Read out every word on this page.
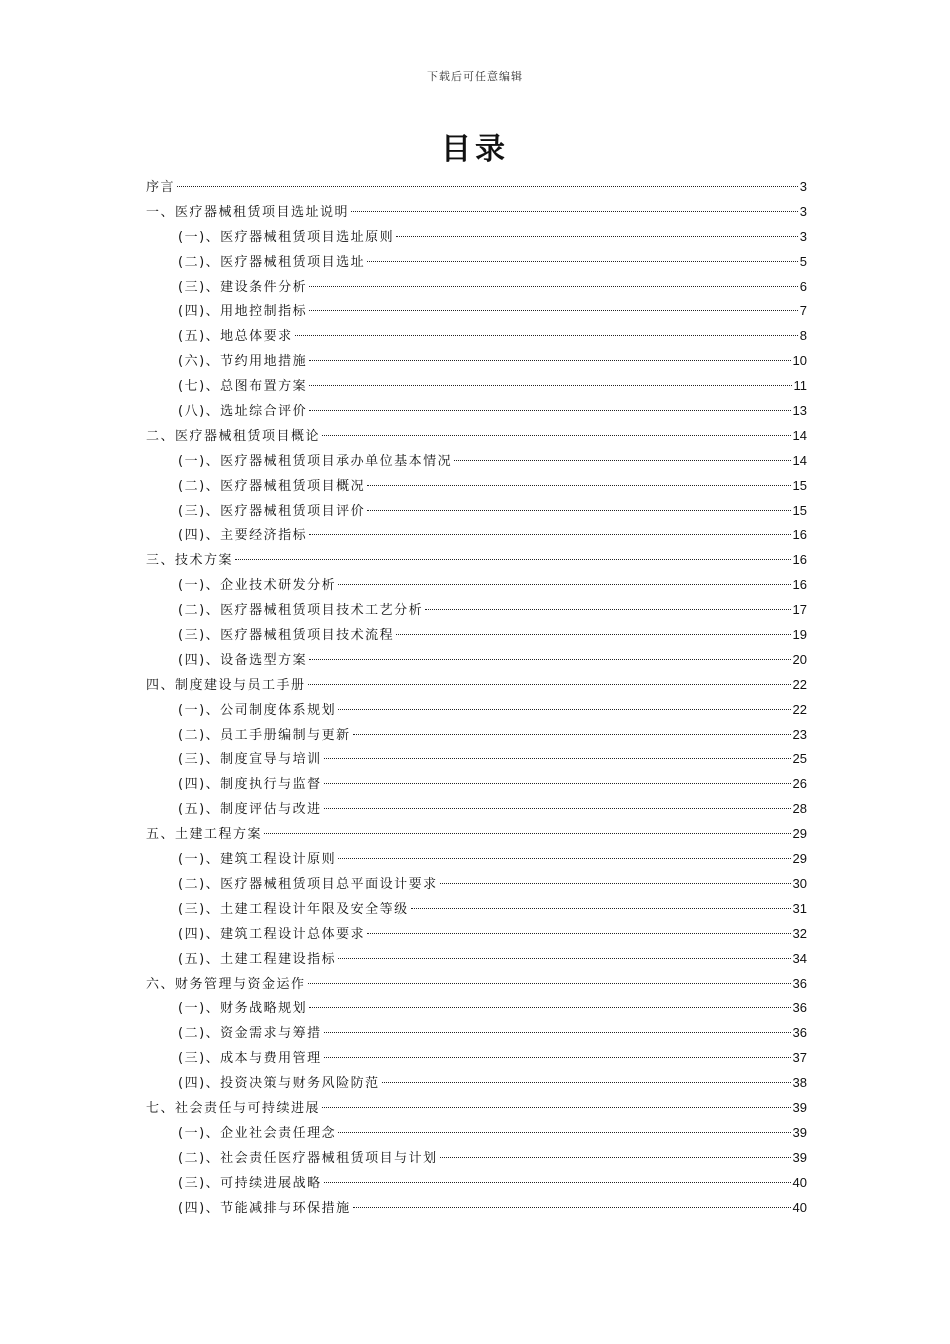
下载后可任意编辑
目录
序言	3
一、医疗器械租赁项目选址说明	3
(一)、医疗器械租赁项目选址原则	3
(二)、医疗器械租赁项目选址	5
(三)、建设条件分析	6
(四)、用地控制指标	7
(五)、地总体要求	8
(六)、节约用地措施	10
(七)、总图布置方案	11
(八)、选址综合评价	13
二、医疗器械租赁项目概论	14
(一)、医疗器械租赁项目承办单位基本情况	14
(二)、医疗器械租赁项目概况	15
(三)、医疗器械租赁项目评价	15
(四)、主要经济指标	16
三、技术方案	16
(一)、企业技术研发分析	16
(二)、医疗器械租赁项目技术工艺分析	17
(三)、医疗器械租赁项目技术流程	19
(四)、设备选型方案	20
四、制度建设与员工手册	22
(一)、公司制度体系规划	22
(二)、员工手册编制与更新	23
(三)、制度宣导与培训	25
(四)、制度执行与监督	26
(五)、制度评估与改进	28
五、土建工程方案	29
(一)、建筑工程设计原则	29
(二)、医疗器械租赁项目总平面设计要求	30
(三)、土建工程设计年限及安全等级	31
(四)、建筑工程设计总体要求	32
(五)、土建工程建设指标	34
六、财务管理与资金运作	36
(一)、财务战略规划	36
(二)、资金需求与筹措	36
(三)、成本与费用管理	37
(四)、投资决策与财务风险防范	38
七、社会责任与可持续进展	39
(一)、企业社会责任理念	39
(二)、社会责任医疗器械租赁项目与计划	39
(三)、可持续进展战略	40
(四)、节能减排与环保措施	40
